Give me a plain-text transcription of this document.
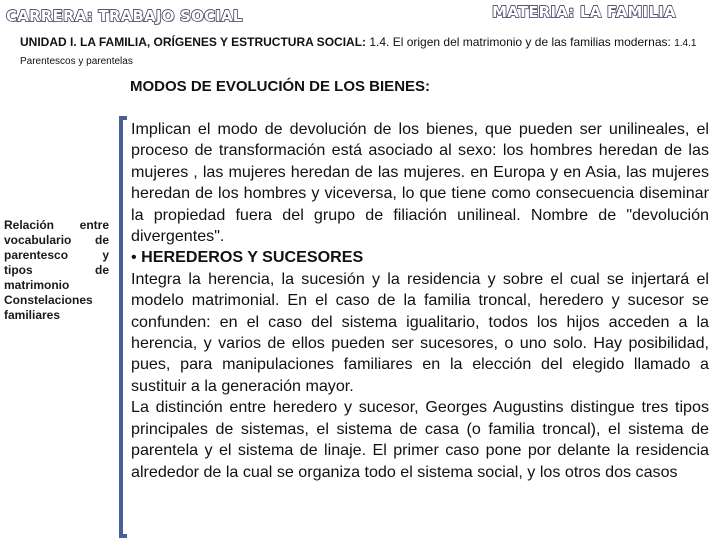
CARRERA: TRABAJO SOCIAL	MATERIA: LA FAMILIA
UNIDAD I. LA FAMILIA, ORÍGENES Y ESTRUCTURA SOCIAL: 1.4. El origen del matrimonio y de las familias modernas: 1.4.1 Parentescos y parentelas
MODOS DE EVOLUCIÓN DE LOS BIENES:
Relación entre
vocabulario de
parentesco y
tipos de
matrimonio
Constelaciones
familiares

Implican el modo de devolución de los bienes, que pueden ser unilineales, el proceso de transformación está asociado al sexo: los hombres heredan de las mujeres , las mujeres heredan de las mujeres. en Europa y en Asia, las mujeres heredan de los hombres y viceversa, lo que tiene como consecuencia diseminar la propiedad fuera del grupo de filiación unilineal. Nombre de "devolución divergentes".

• HEREDEROS Y SUCESORES

Integra la herencia, la sucesión y la residencia y sobre el cual se injertará el modelo matrimonial. En el caso de la familia troncal, heredero y sucesor se confunden: en el caso del sistema igualitario, todos los hijos acceden a la herencia, y varios de ellos pueden ser sucesores, o uno solo. Hay posibilidad, pues, para manipulaciones familiares en la elección del elegido llamado a sustituir a la generación mayor.

La distinción entre heredero y sucesor, Georges Augustins distingue tres tipos principales de sistemas, el sistema de casa (o familia troncal), el sistema de parentela y el sistema de linaje. El primer caso pone por delante la residencia alrededor de la cual se organiza todo el sistema social, y los otros dos casos
